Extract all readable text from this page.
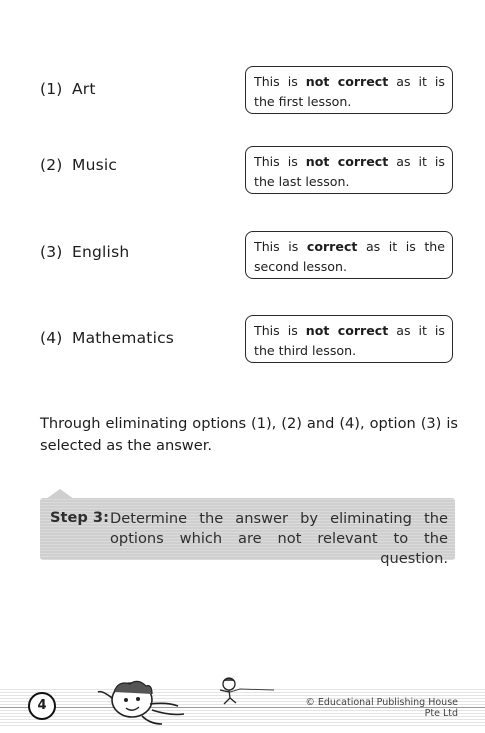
(1) Art	This is not correct as it is the first lesson.
(2) Music	This is not correct as it is the last lesson.
(3) English	This is correct as it is the second lesson.
(4) Mathematics	This is not correct as it is the third lesson.
Through eliminating options (1), (2) and (4), option (3) is selected as the answer.
Step 3: Determine the answer by eliminating the options which are not relevant to the question.
4	© Educational Publishing House Pte Ltd
